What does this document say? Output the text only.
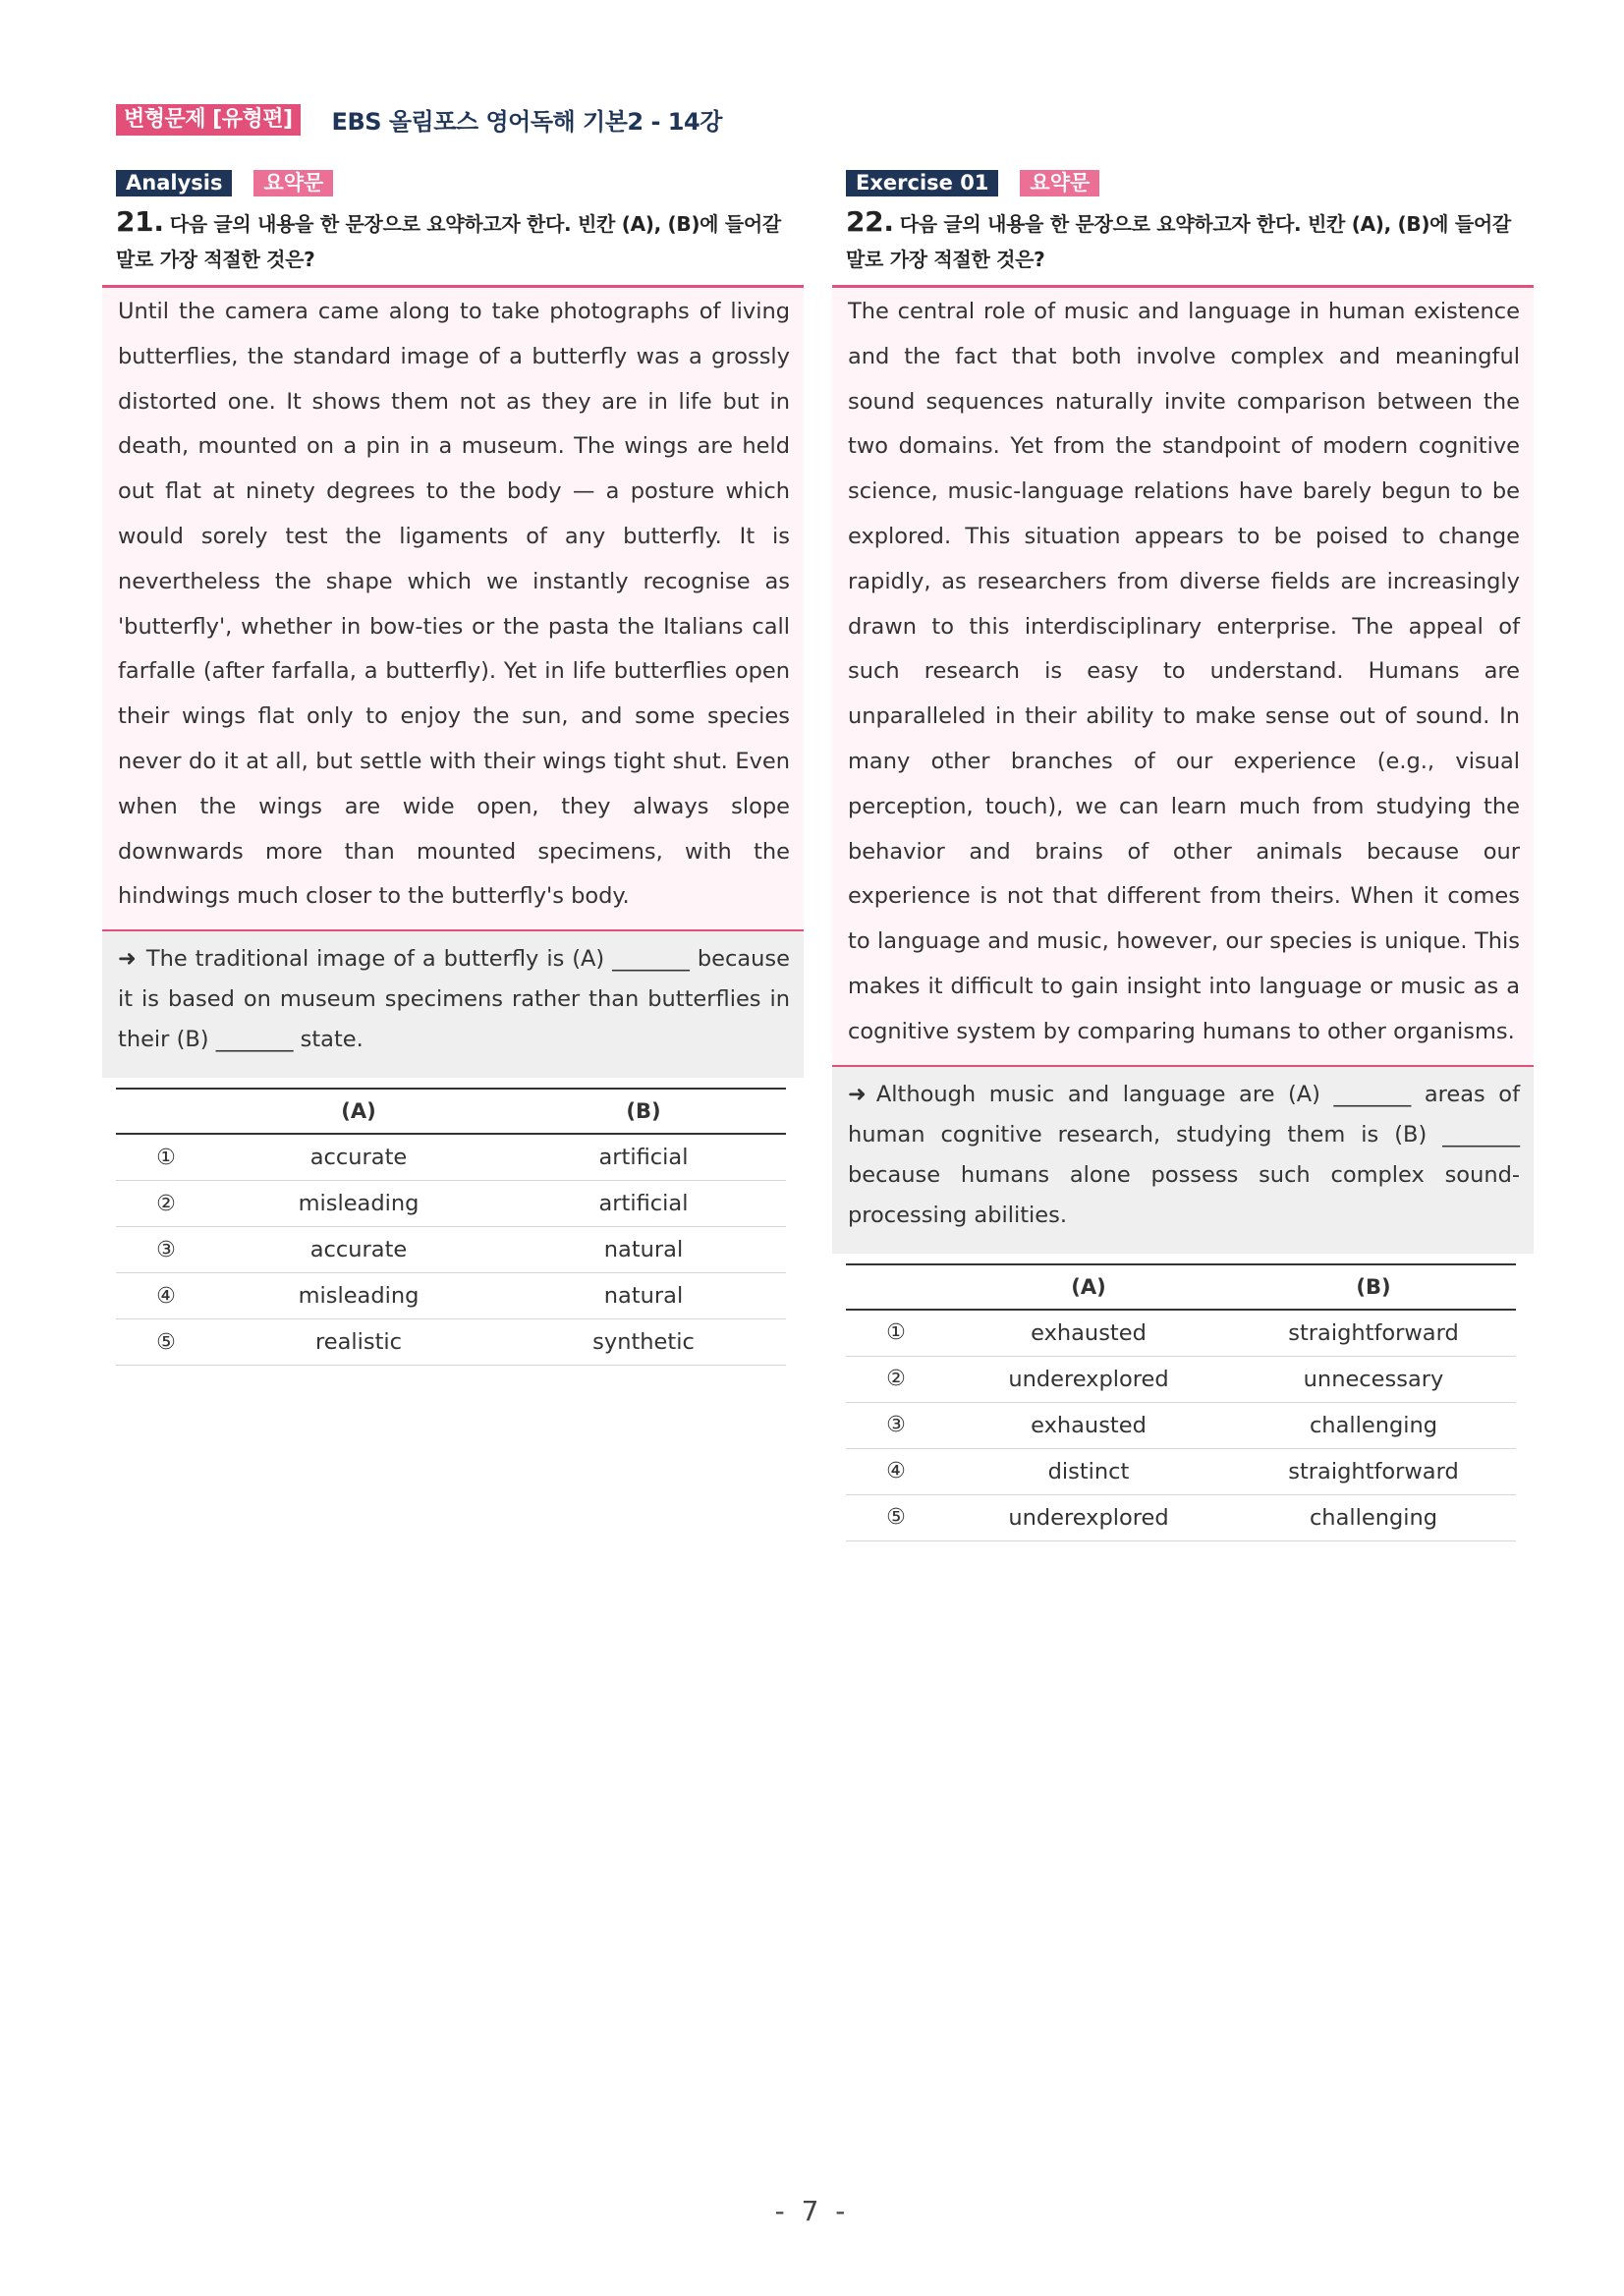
변형문제 [유형편]	EBS 올림포스 영어독해 기본2 - 14강
Analysis	요약문
21. 다음 글의 내용을 한 문장으로 요약하고자 한다. 빈칸 (A), (B)에 들어갈 말로 가장 적절한 것은?
Until the camera came along to take photographs of living butterflies, the standard image of a butterfly was a grossly distorted one. It shows them not as they are in life but in death, mounted on a pin in a museum. The wings are held out flat at ninety degrees to the body — a posture which would sorely test the ligaments of any butterfly. It is nevertheless the shape which we instantly recognise as 'butterfly', whether in bow-ties or the pasta the Italians call farfalle (after farfalla, a butterfly). Yet in life butterflies open their wings flat only to enjoy the sun, and some species never do it at all, but settle with their wings tight shut. Even when the wings are wide open, they always slope downwards more than mounted specimens, with the hindwings much closer to the butterfly's body.
➜ The traditional image of a butterfly is (A) _______ because it is based on museum specimens rather than butterflies in their (B) _______ state.
	(A)	(B)
①	accurate	artificial
②	misleading	artificial
③	accurate	natural
④	misleading	natural
⑤	realistic	synthetic
Exercise 01	요약문
22. 다음 글의 내용을 한 문장으로 요약하고자 한다. 빈칸 (A), (B)에 들어갈 말로 가장 적절한 것은?
The central role of music and language in human existence and the fact that both involve complex and meaningful sound sequences naturally invite comparison between the two domains. Yet from the standpoint of modern cognitive science, music-language relations have barely begun to be explored. This situation appears to be poised to change rapidly, as researchers from diverse fields are increasingly drawn to this interdisciplinary enterprise. The appeal of such research is easy to understand. Humans are unparalleled in their ability to make sense out of sound. In many other branches of our experience (e.g., visual perception, touch), we can learn much from studying the behavior and brains of other animals because our experience is not that different from theirs. When it comes to language and music, however, our species is unique. This makes it difficult to gain insight into language or music as a cognitive system by comparing humans to other organisms.
➜ Although music and language are (A) _______ areas of human cognitive research, studying them is (B) _______ because humans alone possess such complex sound-processing abilities.
	(A)	(B)
①	exhausted	straightforward
②	underexplored	unnecessary
③	exhausted	challenging
④	distinct	straightforward
⑤	underexplored	challenging
- 7 -
